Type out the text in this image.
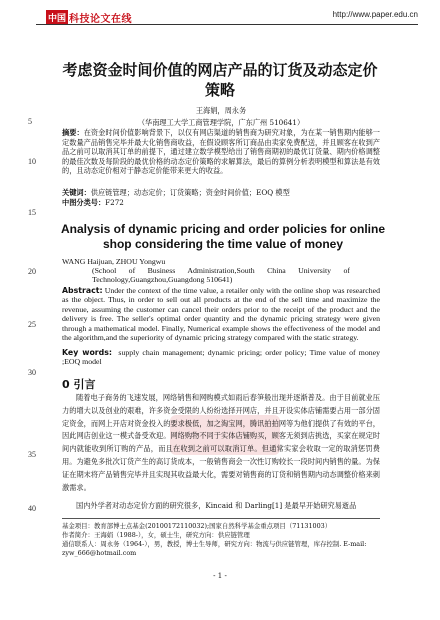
中国 科技论文在线	http://www.paper.edu.cn
5
10
15
20
25
30
35
40
考虑资金时间价值的网店产品的订货及动态定价策略
王海娟，周永务
（华南理工大学工商管理学院，广东广州 510641）
摘要：在资金时间价值影响背景下，以仅有网店渠道的销售商为研究对象，为在某一销售期内能够一定数量产品销售完毕并最大化销售商收益，在假设顾客所订商品由卖家免费配送，并且顾客在收到产品之前可以取消其订单的前提下，通过建立数学模型给出了销售商期初的最优订货量、期内价格调整的最佳次数及每阶段的最优价格的动态定价策略的求解算法，最后的算例分析表明模型和算法是有效的，且动态定价相对于静态定价能带来更大的收益。
关键词：供应链管理；动态定价；订货策略；资金时间价值；EOQ 模型
中图分类号：F272
Analysis of dynamic pricing and order policies for online shop considering the time value of money
WANG Haijuan, ZHOU Yongwu
(School of Business Administration,South China University of Technology,Guangzhou,Guangdong 510641)
Abstract: Under the context of the time value, a retailer only with the online shop was researched as the object. Thus, in order to sell out all products at the end of the sell time and maximize the revenue, assuming the customer can cancel their orders prior to the receipt of the product and the delivery is free. The seller's optimal order quantity and the dynamic pricing strategy were given through a mathematical model. Finally, Numerical example shows the effectiveness of the model and the algorithm,and the superiority of dynamic pricing strategy compared with the static strategy.
Key words: supply chain management; dynamic pricing; order policy; Time value of money ;EOQ model
0 引言
随着电子商务的飞速发展，网络销售和网购模式如雨后春笋般出现并逐渐普及。由于目前就业压力的增大以及创业的艰难，许多资金受限的人纷纷选择开网店，并且开设实体店铺需要占用一部分固定资金，而网上开店对资金投入的要求极低，加之淘宝网，腾讯拍拍网等为他们提供了有效的平台，因此网店创业这一模式备受欢迎。网络购物不同于实体店铺购买，顾客无须到店挑选，买家在规定时间内就能收到所订购的产品，而且在收到之前可以取消订单。但通常实家会收取一定的取消惩罚费用。为避免多批次订货产生的高订货成本，一般销售商会一次性订购较长一段时间内销售的量。为保证在期末将产品销售完毕并且实现其收益最大化，需要对销售商的订货和销售期内动态调整价格来刺激需求。
国内外学者对动态定价方面的研究很多，Kincaid 和 Darling[1] 是最早开始研究易逝品
基金项目：教育部博士点基金(20100172110032);国家自然科学基金重点项目（71131003）
作者简介：王海娟（1988-），女，硕士生，研究方向：供应链管理
通信联系人：周永务（1964-），男，教授，博士生导师，研究方向：物流与供应链管理，库存控制. E-mail: zyw_666@hotmail.com
- 1 -
